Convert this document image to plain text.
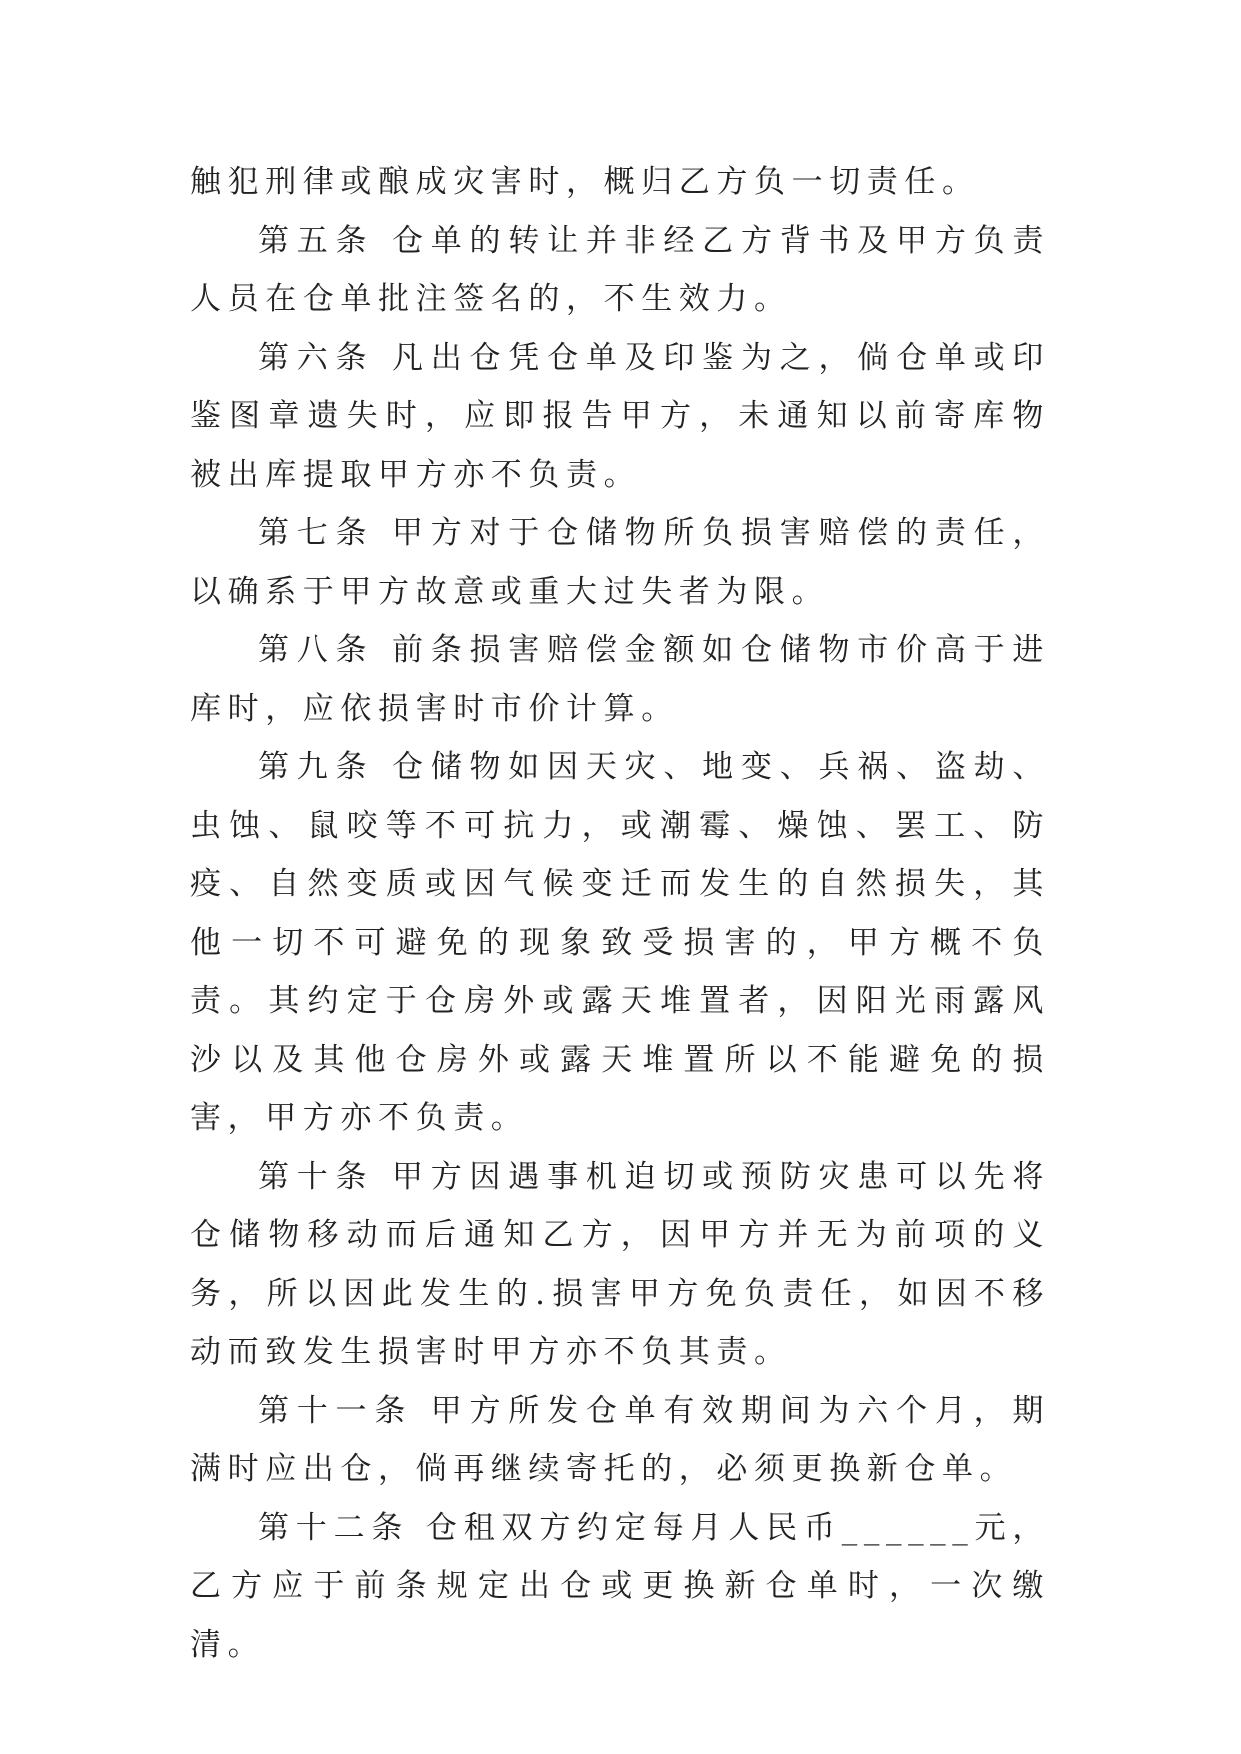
触犯刑律或酿成灾害时，概归乙方负一切责任。

第五条 仓单的转让并非经乙方背书及甲方负责人员在仓单批注签名的，不生效力。

第六条 凡出仓凭仓单及印鉴为之，倘仓单或印鉴图章遗失时，应即报告甲方，未通知以前寄库物被出库提取甲方亦不负责。

第七条 甲方对于仓储物所负损害赔偿的责任，以确系于甲方故意或重大过失者为限。

第八条 前条损害赔偿金额如仓储物市价高于进库时，应依损害时市价计算。

第九条 仓储物如因天灾、地变、兵祸、盗劫、虫蚀、鼠咬等不可抗力，或潮霉、燥蚀、罢工、防疫、自然变质或因气候变迁而发生的自然损失，其他一切不可避免的现象致受损害的，甲方概不负责。其约定于仓房外或露天堆置者，因阳光雨露风沙以及其他仓房外或露天堆置所以不能避免的损害，甲方亦不负责。

第十条 甲方因遇事机迫切或预防灾患可以先将仓储物移动而后通知乙方，因甲方并无为前项的义务，所以因此发生的.损害甲方免负责任，如因不移动而致发生损害时甲方亦不负其责。

第十一条 甲方所发仓单有效期间为六个月，期满时应出仓，倘再继续寄托的，必须更换新仓单。

第十二条 仓租双方约定每月人民币______元，乙方应于前条规定出仓或更换新仓单时，一次缴清。
